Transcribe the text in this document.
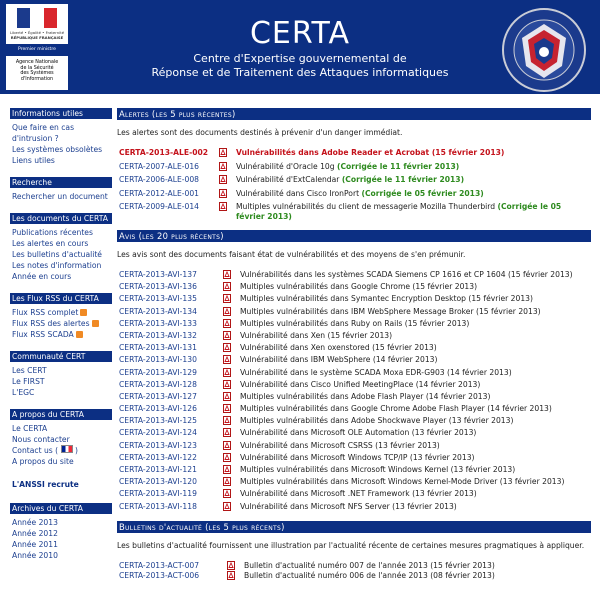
Liberté • Égalité • Fraternité
RÉPUBLIQUE FRANÇAISE
Premier ministre
Agence Nationale
de la Sécurité
des Systèmes
d'Information
CERTA
Centre d'Expertise gouvernemental de
Réponse et de Traitement des Attaques informatiques
Informations utiles
Que faire en cas d'intrusion ?
Les systèmes obsolètes
Liens utiles
Recherche
Rechercher un document
Les documents du CERTA
Publications récentes
Les alertes en cours
Les bulletins d'actualité
Les notes d'information
Année en cours
Les Flux RSS du CERTA
Flux RSS complet
Flux RSS des alertes
Flux RSS SCADA
Communauté CERT
Les CERT
Le FIRST
L'EGC
A propos du CERTA
Le CERTA
Nous contacter
Contact us ( )
A propos du site
L'ANSSI recrute
Archives du CERTA
Année 2013
Année 2012
Année 2011
Année 2010
Alertes (les 5 plus récentes)
Les alertes sont des documents destinés à prévenir d'un danger immédiat.
CERTA-2013-ALE-002	Vulnérabilités dans Adobe Reader et Acrobat (15 février 2013)
CERTA-2007-ALE-016	Vulnérabilité d'Oracle 10g (Corrigée le 11 février 2013)
CERTA-2006-ALE-008	Vulnérabilité d'ExtCalendar (Corrigée le 11 février 2013)
CERTA-2012-ALE-001	Vulnérabilité dans Cisco IronPort (Corrigée le 05 février 2013)
CERTA-2009-ALE-014	Multiples vulnérabilités du client de messagerie Mozilla Thunderbird (Corrigée le 05 février 2013)
Avis (les 20 plus récents)
Les avis sont des documents faisant état de vulnérabilités et des moyens de s'en prémunir.
CERTA-2013-AVI-137	Vulnérabilités dans les systèmes SCADA Siemens CP 1616 et CP 1604 (15 février 2013)
CERTA-2013-AVI-136	Multiples vulnérabilités dans Google Chrome (15 février 2013)
CERTA-2013-AVI-135	Multiples vulnérabilités dans Symantec Encryption Desktop (15 février 2013)
CERTA-2013-AVI-134	Multiples vulnérabilités dans IBM WebSphere Message Broker (15 février 2013)
CERTA-2013-AVI-133	Multiples vulnérabilités dans Ruby on Rails (15 février 2013)
CERTA-2013-AVI-132	Vulnérabilité dans Xen (15 février 2013)
CERTA-2013-AVI-131	Vulnérabilité dans Xen oxenstored (15 février 2013)
CERTA-2013-AVI-130	Vulnérabilité dans IBM WebSphere (14 février 2013)
CERTA-2013-AVI-129	Vulnérabilité dans le système SCADA Moxa EDR-G903 (14 février 2013)
CERTA-2013-AVI-128	Vulnérabilité dans Cisco Unified MeetingPlace (14 février 2013)
CERTA-2013-AVI-127	Multiples vulnérabilités dans Adobe Flash Player (14 février 2013)
CERTA-2013-AVI-126	Multiples vulnérabilités dans Google Chrome Adobe Flash Player (14 février 2013)
CERTA-2013-AVI-125	Multiples vulnérabilités dans Adobe Shockwave Player (13 février 2013)
CERTA-2013-AVI-124	Vulnérabilité dans Microsoft OLE Automation (13 février 2013)
CERTA-2013-AVI-123	Vulnérabilité dans Microsoft CSRSS (13 février 2013)
CERTA-2013-AVI-122	Vulnérabilité dans Microsoft Windows TCP/IP (13 février 2013)
CERTA-2013-AVI-121	Multiples vulnérabilités dans Microsoft Windows Kernel (13 février 2013)
CERTA-2013-AVI-120	Multiples vulnérabilités dans Microsoft Windows Kernel-Mode Driver (13 février 2013)
CERTA-2013-AVI-119	Vulnérabilité dans Microsoft .NET Framework (13 février 2013)
CERTA-2013-AVI-118	Vulnérabilité dans Microsoft NFS Server (13 février 2013)
Bulletins d'actualité (les 5 plus récents)
Les bulletins d'actualité fournissent une illustration par l'actualité récente de certaines mesures pragmatiques à appliquer.
CERTA-2013-ACT-007	Bulletin d'actualité numéro 007 de l'année 2013 (15 février 2013)
CERTA-2013-ACT-006	Bulletin d'actualité numéro 006 de l'année 2013 (08 février 2013)
